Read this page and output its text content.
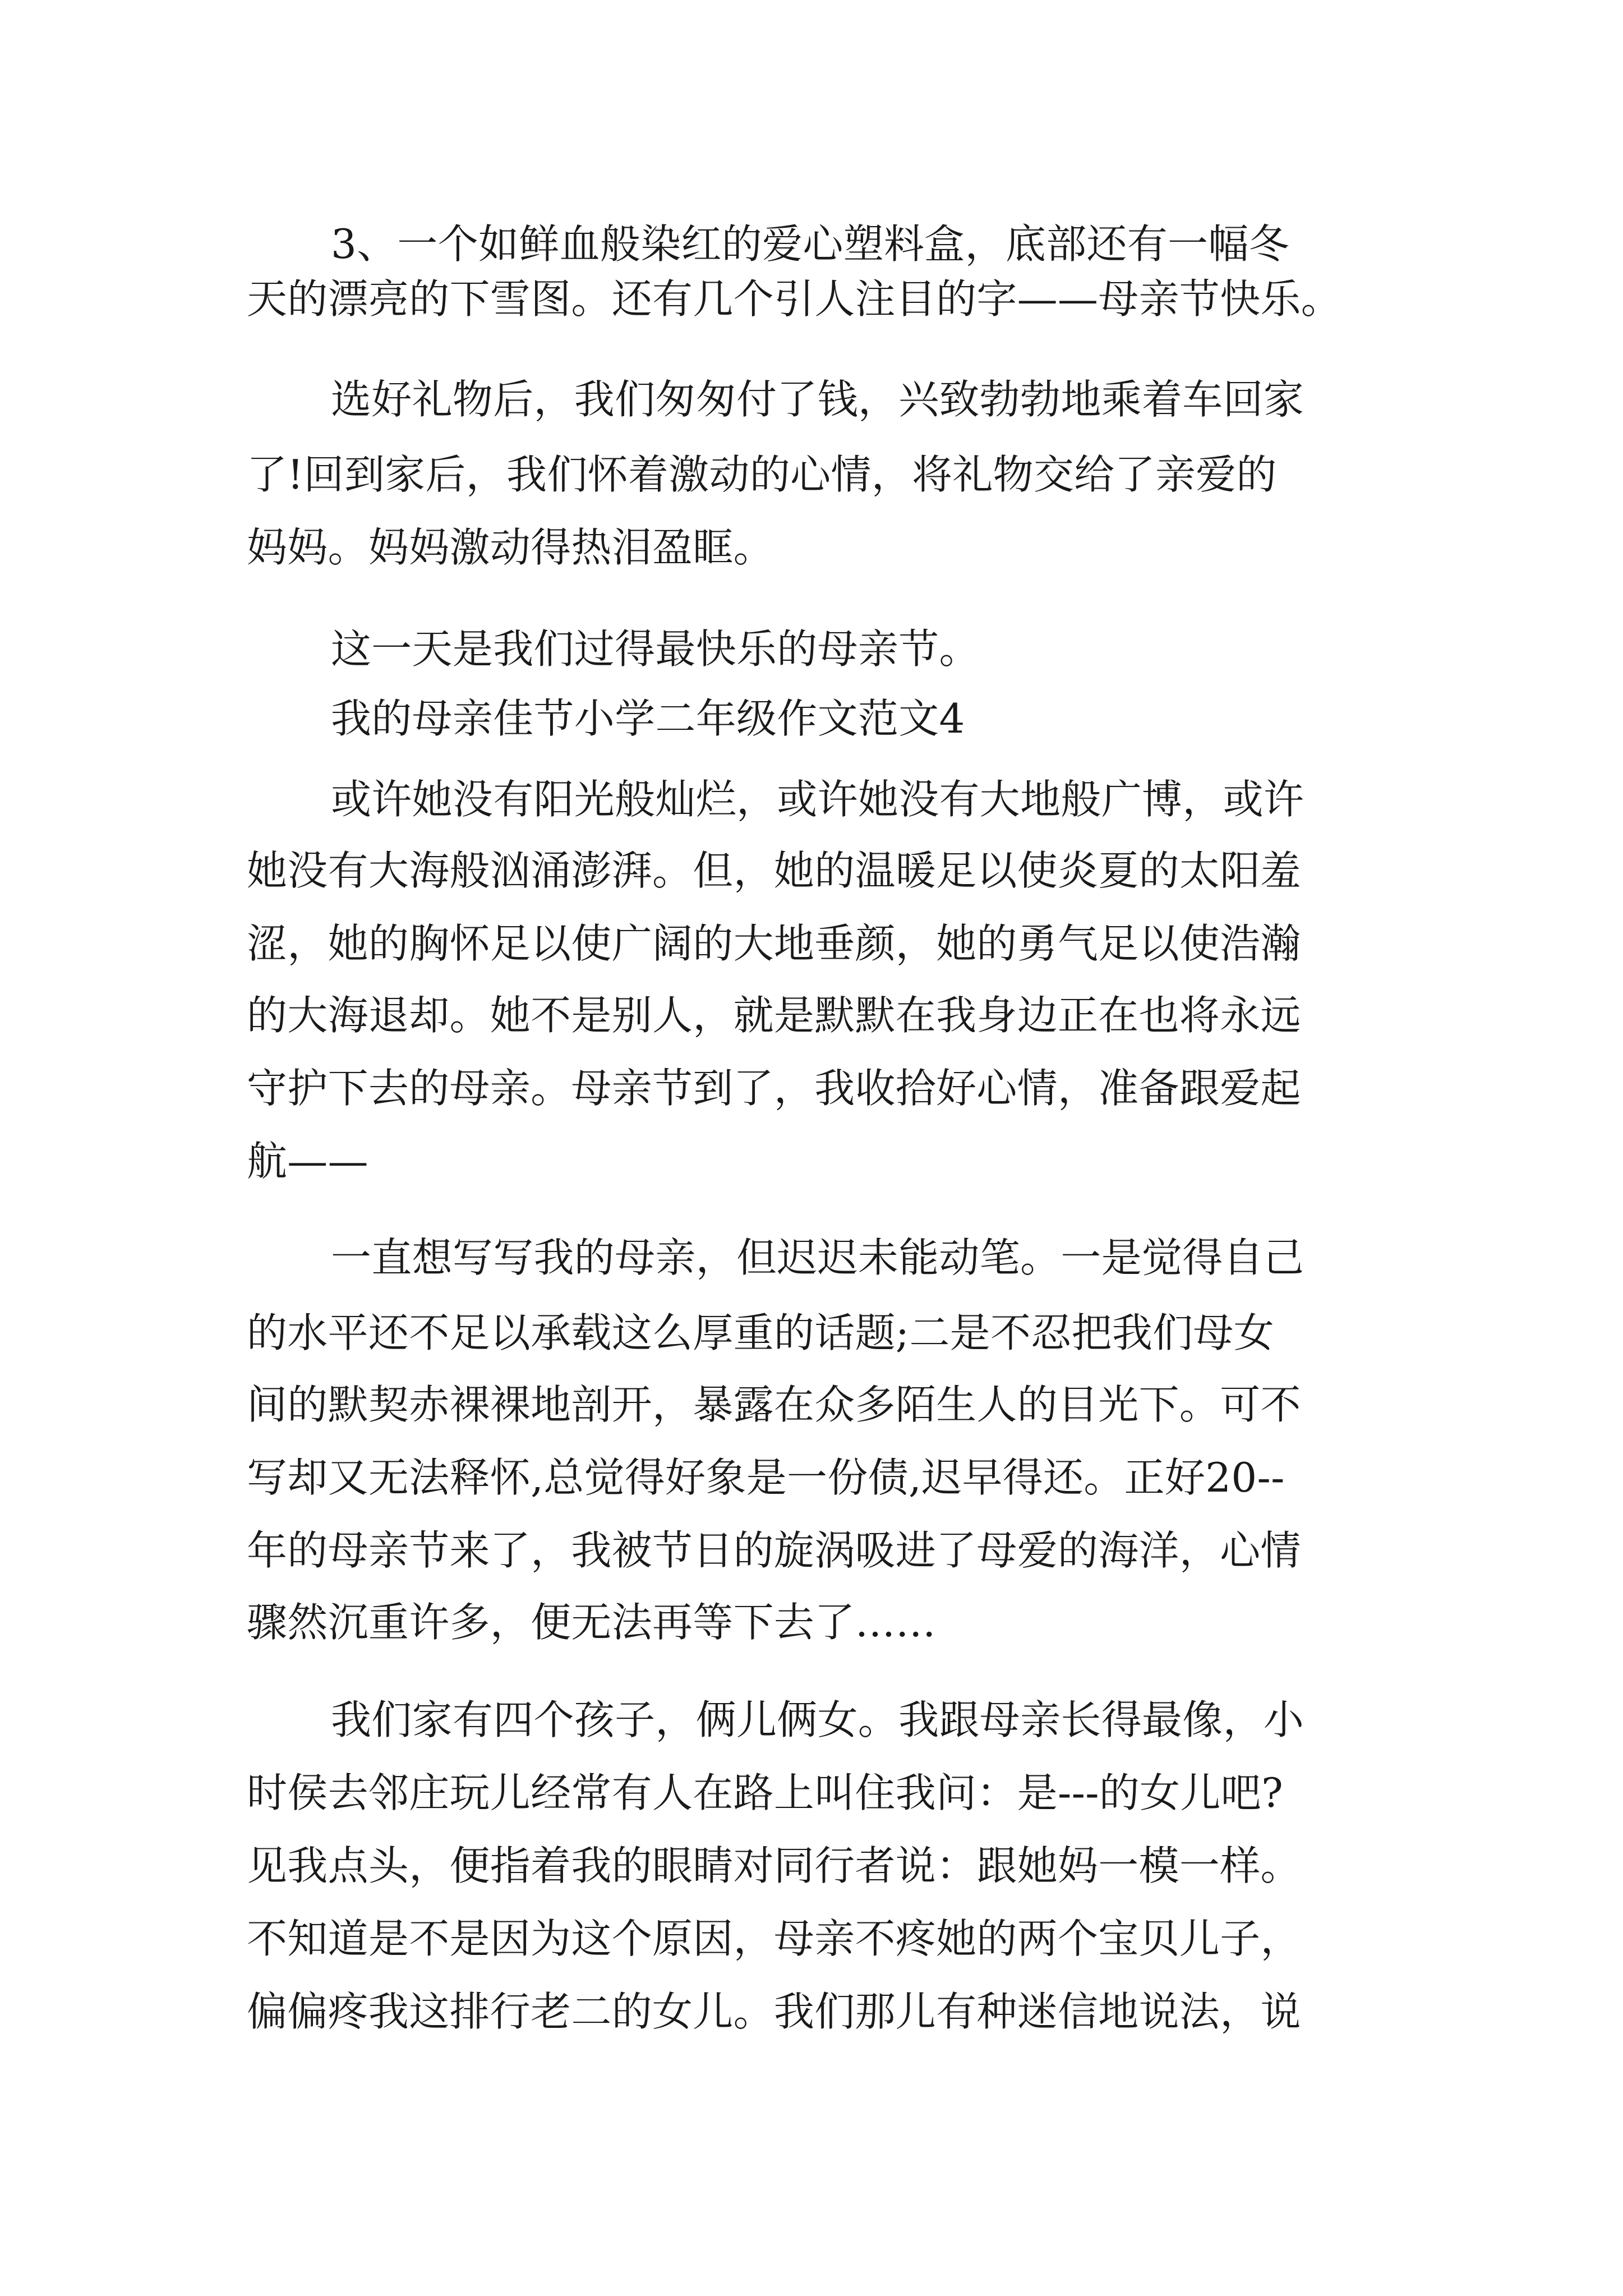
3、一个如鲜血般染红的爱心塑料盒，底部还有一幅冬

天的漂亮的下雪图。还有几个引人注目的字——母亲节快乐。

选好礼物后，我们匆匆付了钱，兴致勃勃地乘着车回家

了!回到家后，我们怀着激动的心情，将礼物交给了亲爱的

妈妈。妈妈激动得热泪盈眶。

这一天是我们过得最快乐的母亲节。

我的母亲佳节小学二年级作文范文4

或许她没有阳光般灿烂，或许她没有大地般广博，或许

她没有大海般汹涌澎湃。但，她的温暖足以使炎夏的太阳羞

涩，她的胸怀足以使广阔的大地垂颜，她的勇气足以使浩瀚

的大海退却。她不是别人，就是默默在我身边正在也将永远

守护下去的母亲。母亲节到了，我收拾好心情，准备跟爱起

航——

一直想写写我的母亲，但迟迟未能动笔。一是觉得自己

的水平还不足以承载这么厚重的话题;二是不忍把我们母女

间的默契赤裸裸地剖开，暴露在众多陌生人的目光下。可不

写却又无法释怀,总觉得好象是一份债,迟早得还。正好20--

年的母亲节来了，我被节日的旋涡吸进了母爱的海洋，心情

骤然沉重许多，便无法再等下去了……

我们家有四个孩子，俩儿俩女。我跟母亲长得最像，小

时侯去邻庄玩儿经常有人在路上叫住我问：是---的女儿吧?

见我点头，便指着我的眼睛对同行者说：跟她妈一模一样。

不知道是不是因为这个原因，母亲不疼她的两个宝贝儿子，

偏偏疼我这排行老二的女儿。我们那儿有种迷信地说法，说
